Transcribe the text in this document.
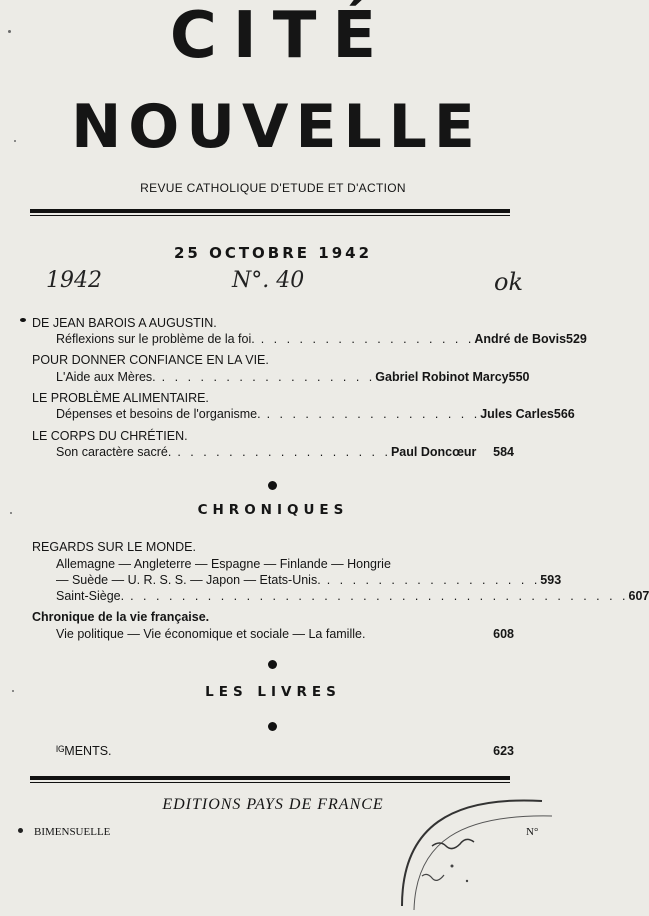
CITÉ
NOUVELLE
REVUE CATHOLIQUE D'ETUDE ET D'ACTION
25 OCTOBRE 1942
1942	N°. 40	ok
DE JEAN BAROIS A AUGUSTIN.
Réflexions sur le problème de la foi. . . . . . . . . . . . . . . . . . André de Bovis 529
POUR DONNER CONFIANCE EN LA VIE.
L'Aide aux Mères. . . . . . . . . . . . . . . . . . Gabriel Robinot Marcy 550
LE PROBLÈME ALIMENTAIRE.
Dépenses et besoins de l'organisme. . . . . . . . . . . . . . . . . . Jules Carles 566
LE CORPS DU CHRÉTIEN.
Son caractère sacré. . . . . . . . . . . . . . . . . . Paul Doncœur	584
CHRONIQUES
REGARDS SUR LE MONDE.
Allemagne — Angleterre — Espagne — Finlande — Hongrie
— Suède — U. R. S. S. — Japon — Etats-Unis. . . . . . . . . . . . . . . . . . 593
Saint-Siège. . . . . . . . . . . . . . . . . . . . . . . . . . . . . . . . . . . . . . . . 607
Chronique de la vie française.
Vie politique — Vie économique et sociale — La famille.	608
LES LIVRES
ᴵᴳMENTS.	623
EDITIONS PAYS DE FRANCE
BIMENSUELLE	N°
